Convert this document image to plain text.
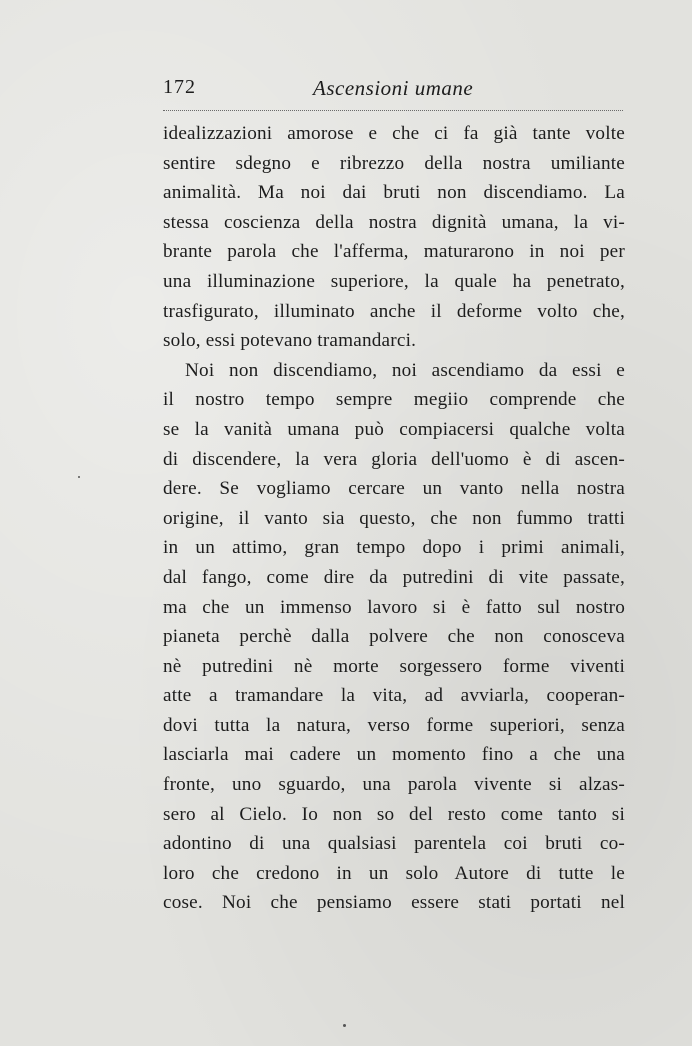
172	Ascensioni umane
idealizzazioni amorose e che ci fa già tante volte
sentire sdegno e ribrezzo della nostra umiliante
animalità. Ma noi dai bruti non discendiamo. La
stessa coscienza della nostra dignità umana, la vi-
brante parola che l'afferma, maturarono in noi per
una illuminazione superiore, la quale ha penetrato,
trasfigurato, illuminato anche il deforme volto che,
solo, essi potevano tramandarci.
Noi non discendiamo, noi ascendiamo da essi e
il nostro tempo sempre megiio comprende che
se la vanità umana può compiacersi qualche volta
di discendere, la vera gloria dell'uomo è di ascen-
dere. Se vogliamo cercare un vanto nella nostra
origine, il vanto sia questo, che non fummo tratti
in un attimo, gran tempo dopo i primi animali,
dal fango, come dire da putredini di vite passate,
ma che un immenso lavoro si è fatto sul nostro
pianeta perchè dalla polvere che non conosceva
nè putredini nè morte sorgessero forme viventi
atte a tramandare la vita, ad avviarla, cooperan-
dovi tutta la natura, verso forme superiori, senza
lasciarla mai cadere un momento fino a che una
fronte, uno sguardo, una parola vivente si alzas-
sero al Cielo. Io non so del resto come tanto si
adontino di una qualsiasi parentela coi bruti co-
loro che credono in un solo Autore di tutte le
cose. Noi che pensiamo essere stati portati nel
